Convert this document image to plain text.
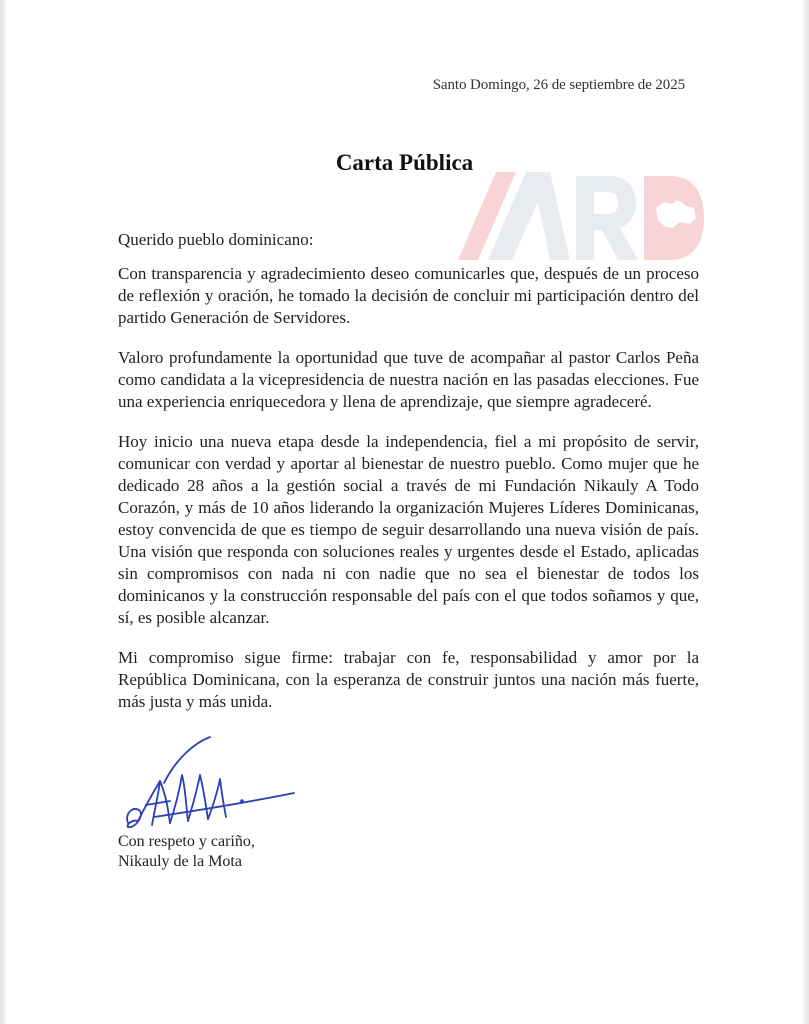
Santo Domingo, 26 de septiembre de 2025
Carta Pública

Querido pueblo dominicano:

Con transparencia y agradecimiento deseo comunicarles que, después de un proceso de reflexión y oración, he tomado la decisión de concluir mi participación dentro del partido Generación de Servidores.

Valoro profundamente la oportunidad que tuve de acompañar al pastor Carlos Peña como candidata a la vicepresidencia de nuestra nación en las pasadas elecciones. Fue una experiencia enriquecedora y llena de aprendizaje, que siempre agradeceré.

Hoy inicio una nueva etapa desde la independencia, fiel a mi propósito de servir, comunicar con verdad y aportar al bienestar de nuestro pueblo. Como mujer que he dedicado 28 años a la gestión social a través de mi Fundación Nikauly A Todo Corazón, y más de 10 años liderando la organización Mujeres Líderes Dominicanas, estoy convencida de que es tiempo de seguir desarrollando una nueva visión de país. Una visión que responda con soluciones reales y urgentes desde el Estado, aplicadas sin compromisos con nada ni con nadie que no sea el bienestar de todos los dominicanos y la construcción responsable del país con el que todos soñamos y que, sí, es posible alcanzar.

Mi compromiso sigue firme: trabajar con fe, responsabilidad y amor por la República Dominicana, con la esperanza de construir juntos una nación más fuerte, más justa y más unida.

Con respeto y cariño,
Nikauly de la Mota
